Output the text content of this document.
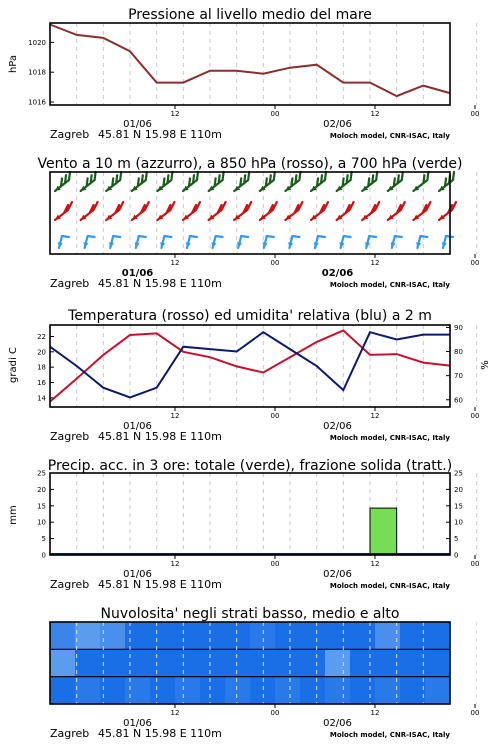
Pressione al livello medio del mare
hPa
1016
1018
1020
12	00	12	00
01/06	02/06
Zagreb 45.81 N 15.98 E 110m	Moloch model, CNR-ISAC, Italy
Vento a 10 m (azzurro), a 850 hPa (rosso), a 700 hPa (verde)
12	00	12	00
01/06	02/06
Zagreb 45.81 N 15.98 E 110m	Moloch model, CNR-ISAC, Italy
Temperatura (rosso) ed umidita' relativa (blu) a 2 m
gradi C	%
14
16
18
20
22
60
70
80
90
12	00	12	00
01/06	02/06
Zagreb 45.81 N 15.98 E 110m	Moloch model, CNR-ISAC, Italy
Precip. acc. in 3 ore: totale (verde), frazione solida (tratt.)
mm
0	0
5	5
10	10
15	15
20	20
25	25
12	00	12	00
01/06	02/06
Zagreb 45.81 N 15.98 E 110m	Moloch model, CNR-ISAC, Italy
Nuvolosita' negli strati basso, medio e alto
12	00	12	00
01/06	02/06
Zagreb 45.81 N 15.98 E 110m	Moloch model, CNR-ISAC, Italy
